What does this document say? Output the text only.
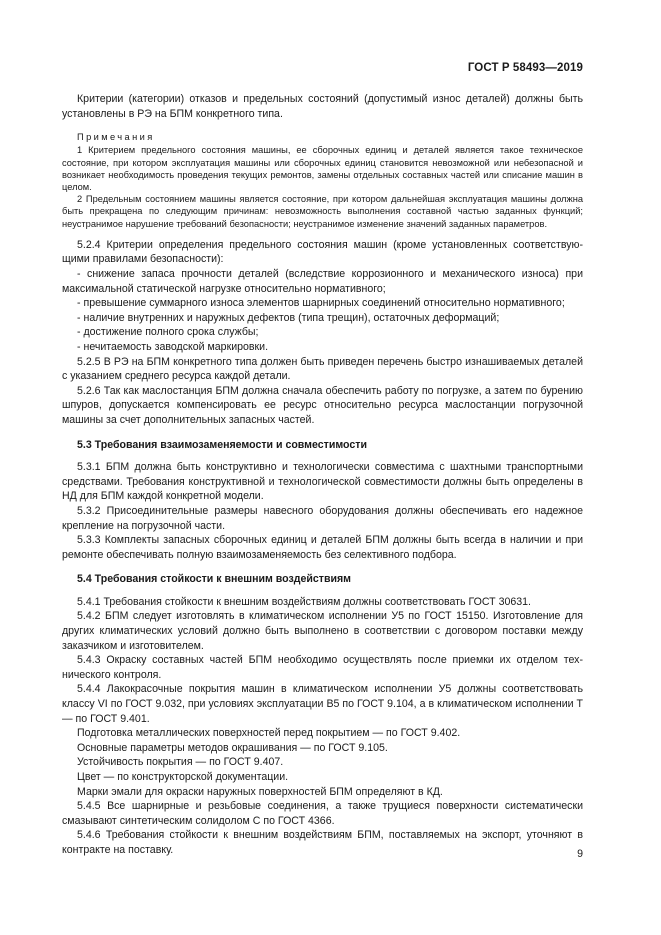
ГОСТ Р 58493—2019

Критерии (категории) отказов и предельных состояний (допустимый износ деталей) должны быть установлены в РЭ на БПМ конкретного типа.

Примечания

1 Критерием предельного состояния машины, ее сборочных единиц и деталей является такое техническое состояние, при котором эксплуатация машины или сборочных единиц становится невозможной или небезопасной и возникает необходимость проведения текущих ремонтов, замены отдельных составных частей или списание машин в целом.

2 Предельным состоянием машины является состояние, при котором дальнейшая эксплуатация машины должна быть прекращена по следующим причинам: невозможность выполнения составной частью заданных функций; неустранимое нарушение требований безопасности; неустранимое изменение значений заданных параметров.

5.2.4 Критерии определения предельного состояния машин (кроме установленных соответствующими правилами безопасности):

- снижение запаса прочности деталей (вследствие коррозионного и механического износа) при максимальной статической нагрузке относительно нормативного;

- превышение суммарного износа элементов шарнирных соединений относительно нормативного;

- наличие внутренних и наружных дефектов (типа трещин), остаточных деформаций;

- достижение полного срока службы;

- нечитаемость заводской маркировки.

5.2.5 В РЭ на БПМ конкретного типа должен быть приведен перечень быстро изнашиваемых деталей с указанием среднего ресурса каждой детали.

5.2.6 Так как маслостанция БПМ должна сначала обеспечить работу по погрузке, а затем по бурению шпуров, допускается компенсировать ее ресурс относительно ресурса маслостанции погрузочной машины за счет дополнительных запасных частей.

5.3 Требования взаимозаменяемости и совместимости

5.3.1 БПМ должна быть конструктивно и технологически совместима с шахтными транспортными средствами. Требования конструктивной и технологической совместимости должны быть определены в НД для БПМ каждой конкретной модели.

5.3.2 Присоединительные размеры навесного оборудования должны обеспечивать его надежное крепление на погрузочной части.

5.3.3 Комплекты запасных сборочных единиц и деталей БПМ должны быть всегда в наличии и при ремонте обеспечивать полную взаимозаменяемость без селективного подбора.

5.4 Требования стойкости к внешним воздействиям

5.4.1 Требования стойкости к внешним воздействиям должны соответствовать ГОСТ 30631.

5.4.2 БПМ следует изготовлять в климатическом исполнении У5 по ГОСТ 15150. Изготовление для других климатических условий должно быть выполнено в соответствии с договором поставки между заказчиком и изготовителем.

5.4.3 Окраску составных частей БПМ необходимо осуществлять после приемки их отделом технического контроля.

5.4.4 Лакокрасочные покрытия машин в климатическом исполнении У5 должны соответствовать классу VI по ГОСТ 9.032, при условиях эксплуатации В5 по ГОСТ 9.104, а в климатическом исполнении Т — по ГОСТ 9.401.

Подготовка металлических поверхностей перед покрытием — по ГОСТ 9.402.

Основные параметры методов окрашивания — по ГОСТ 9.105.

Устойчивость покрытия — по ГОСТ 9.407.

Цвет — по конструкторской документации.

Марки эмали для окраски наружных поверхностей БПМ определяют в КД.

5.4.5 Все шарнирные и резьбовые соединения, а также трущиеся поверхности систематически смазывают синтетическим солидолом С по ГОСТ 4366.

5.4.6 Требования стойкости к внешним воздействиям БПМ, поставляемых на экспорт, уточняют в контракте на поставку.	9
